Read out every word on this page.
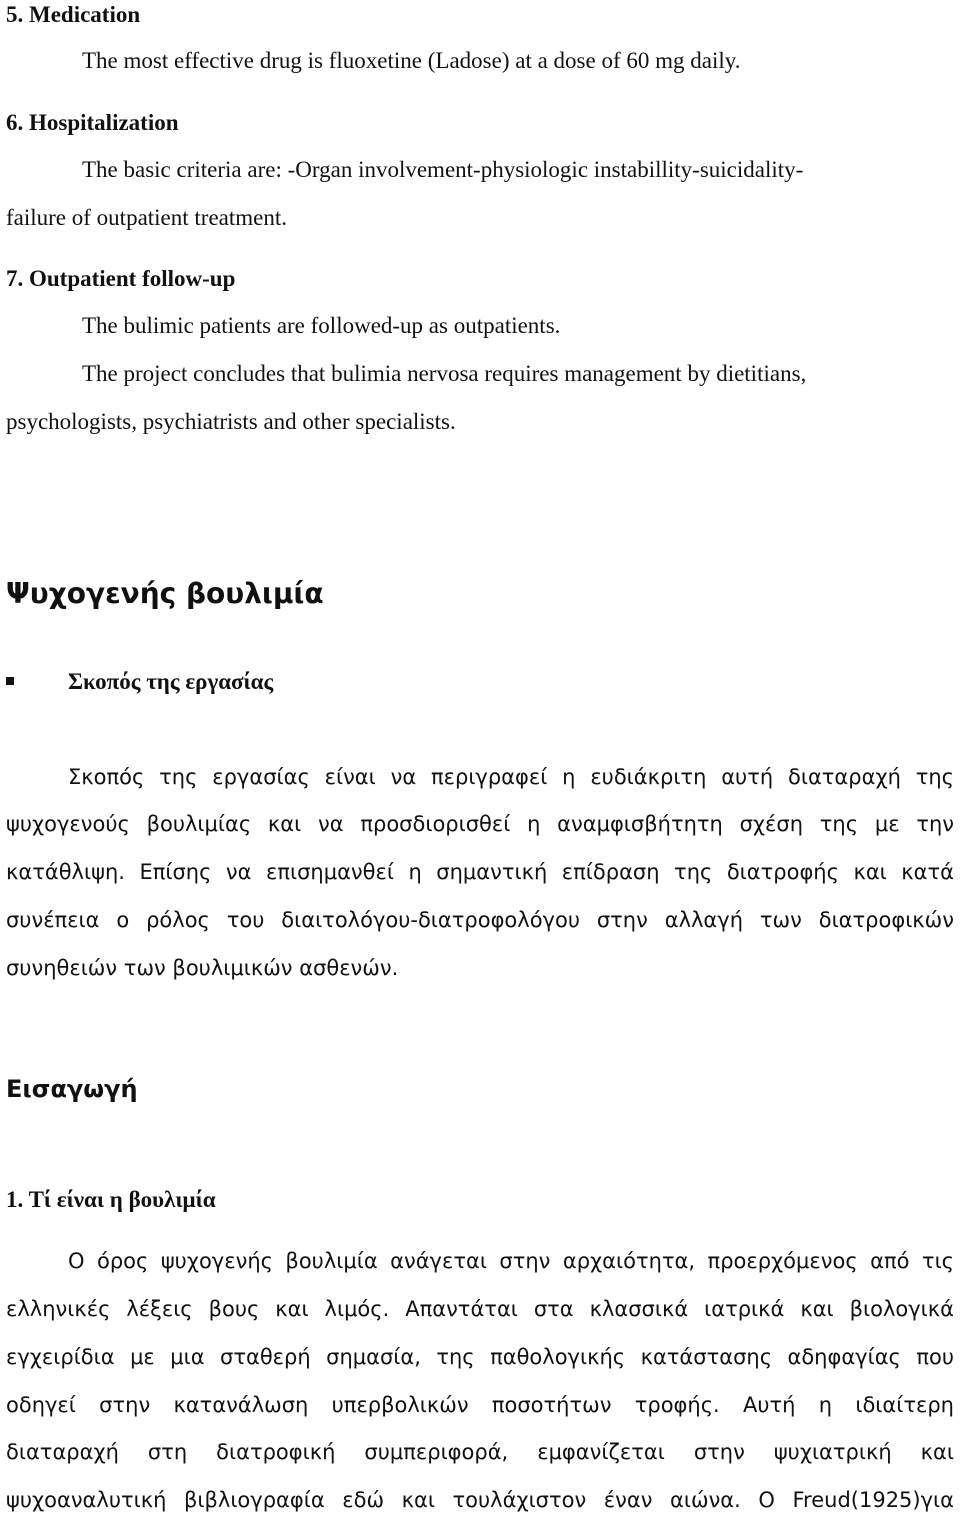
5. Medication

The most effective drug is fluoxetine (Ladose) at a dose of 60 mg daily.

6. Hospitalization

The basic criteria are: -Organ involvement-physiologic instabillity-suicidality-

failure of outpatient treatment.

7. Outpatient follow-up

The bulimic patients are followed-up as outpatients.

The project concludes that bulimia nervosa requires management by dietitians,

psychologists, psychiatrists and other specialists.

Ψυχογενής βουλιμία

Σκοπός της εργασίας

Σκοπός της εργασίας είναι να περιγραφεί η ευδιάκριτη αυτή διαταραχή της

ψυχογενούς βουλιμίας και να προσδιορισθεί η αναμφισβήτητη σχέση της με την

κατάθλιψη. Επίσης να επισημανθεί η σημαντική επίδραση της διατροφής και κατά

συνέπεια ο ρόλος του διαιτολόγου-διατροφολόγου στην αλλαγή των διατροφικών

συνηθειών των βουλιμικών ασθενών.

Εισαγωγή

1. Τί είναι η βουλιμία

Ο όρος ψυχογενής βουλιμία ανάγεται στην αρχαιότητα, προερχόμενος από τις

ελληνικές λέξεις βους και λιμός. Απαντάται στα κλασσικά ιατρικά και βιολογικά

εγχειρίδια με μια σταθερή σημασία, της παθολογικής κατάστασης αδηφαγίας που

οδηγεί στην κατανάλωση υπερβολικών ποσοτήτων τροφής. Αυτή η ιδιαίτερη

διαταραχή στη διατροφική συμπεριφορά, εμφανίζεται στην ψυχιατρική και

ψυχοαναλυτική βιβλιογραφία εδώ και τουλάχιστον έναν αιώνα. Ο Freud(1925)για
